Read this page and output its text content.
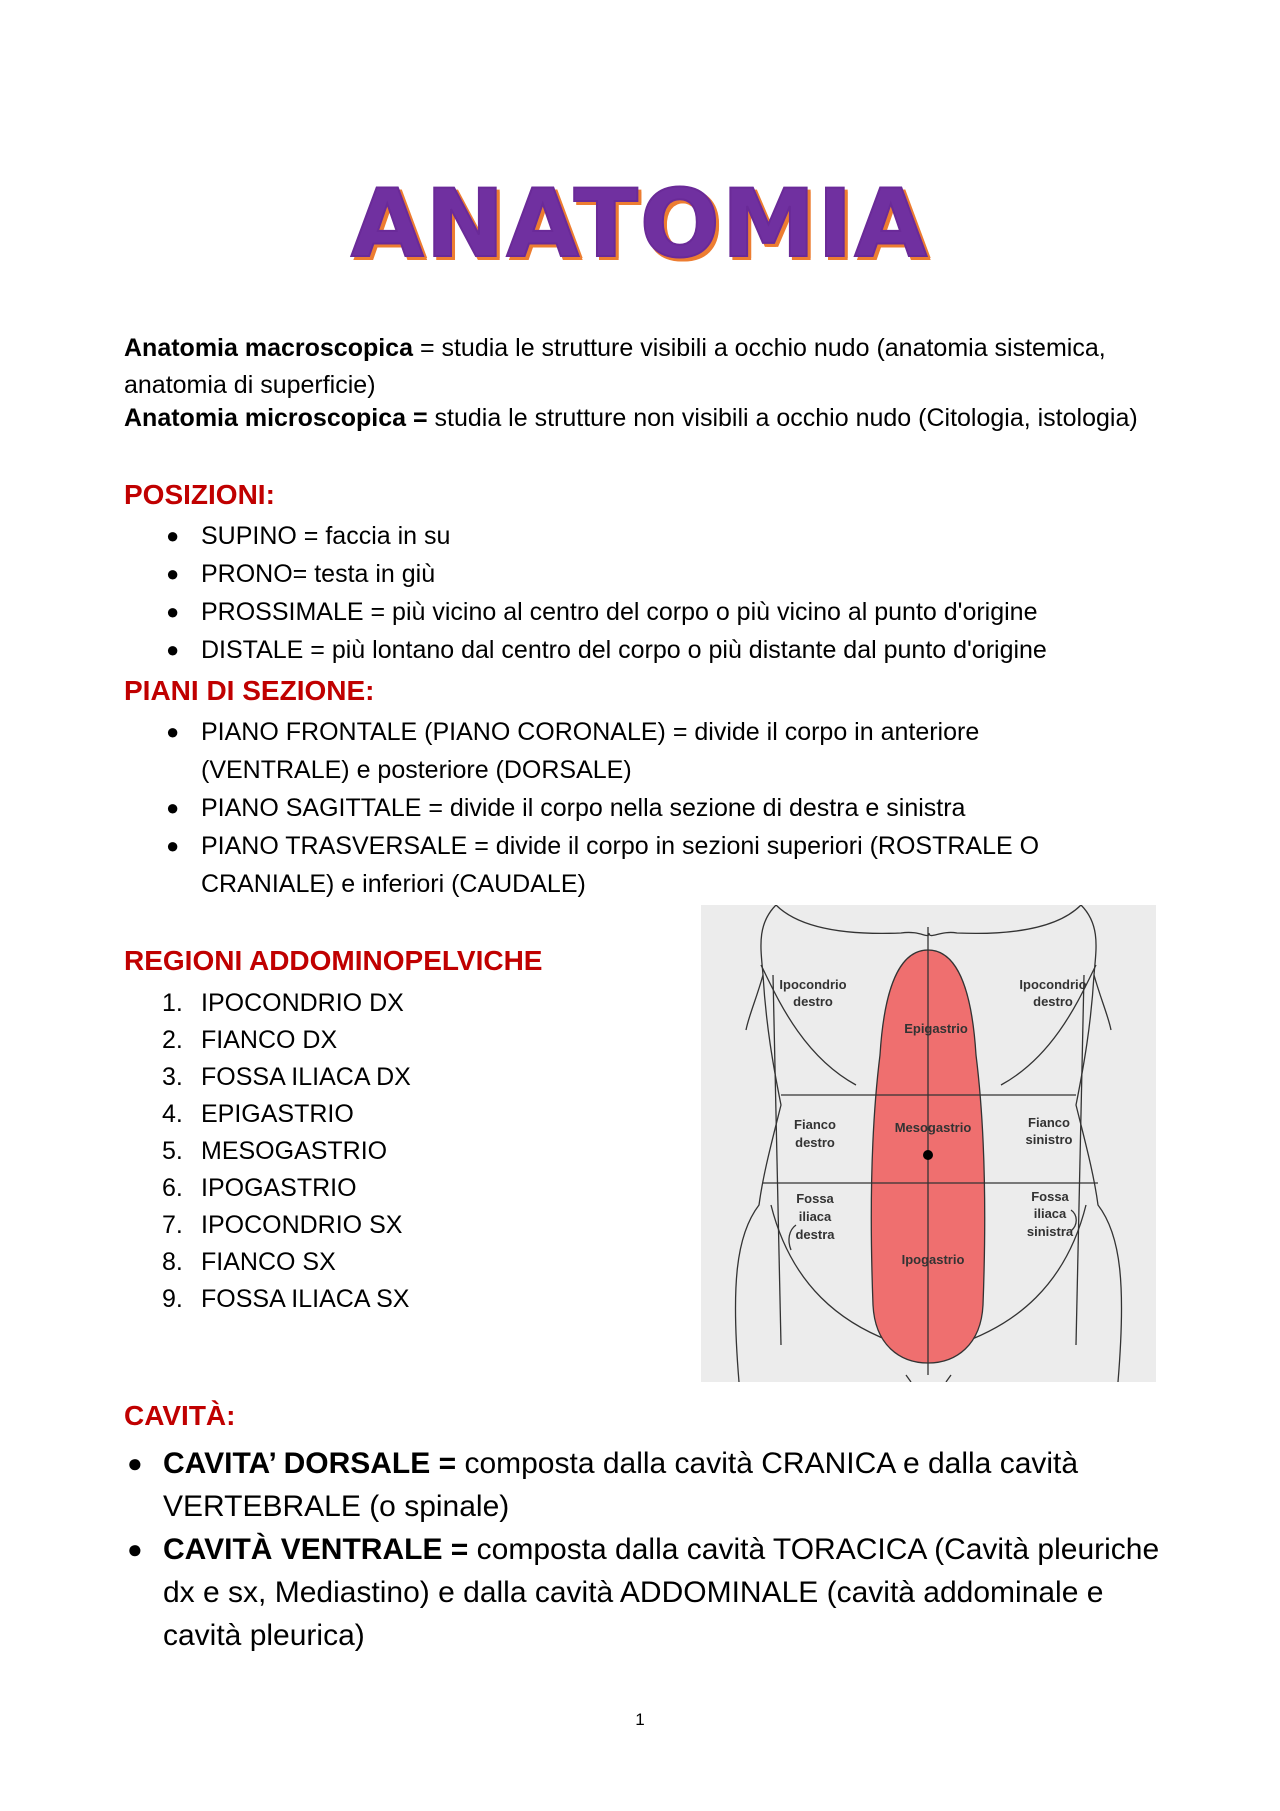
ANATOMIA
Anatomia macroscopica = studia le strutture visibili a occhio nudo (anatomia sistemica, anatomia di superficie)
Anatomia microscopica = studia le strutture non visibili a occhio nudo (Citologia, istologia)
POSIZIONI:
● SUPINO = faccia in su
● PRONO= testa in giù
● PROSSIMALE = più vicino al centro del corpo o più vicino al punto d'origine
● DISTALE = più lontano dal centro del corpo o più distante dal punto d'origine
PIANI DI SEZIONE:
● PIANO FRONTALE (PIANO CORONALE) = divide il corpo in anteriore (VENTRALE) e posteriore (DORSALE)
● PIANO SAGITTALE = divide il corpo nella sezione di destra e sinistra
● PIANO TRASVERSALE = divide il corpo in sezioni superiori (ROSTRALE O CRANIALE) e inferiori (CAUDALE)
REGIONI ADDOMINOPELVICHE
1. IPOCONDRIO DX
2. FIANCO DX
3. FOSSA ILIACA DX
4. EPIGASTRIO
5. MESOGASTRIO
6. IPOGASTRIO
7. IPOCONDRIO SX
8. FIANCO SX
9. FOSSA ILIACA SX
Ipocondrio
destro
Ipocondrio
destro
Epigastrio
Mesogastrio
Ipogastrio
Fianco
destro
Fianco
sinistro
Fossa
iliaca
destra
Fossa
iliaca
sinistra
CAVITÀ:
● CAVITA’ DORSALE = composta dalla cavità CRANICA e dalla cavità VERTEBRALE (o spinale)
● CAVITÀ VENTRALE = composta dalla cavità TORACICA (Cavità pleuriche dx e sx, Mediastino) e dalla cavità ADDOMINALE (cavità addominale e cavità pleurica)
1
